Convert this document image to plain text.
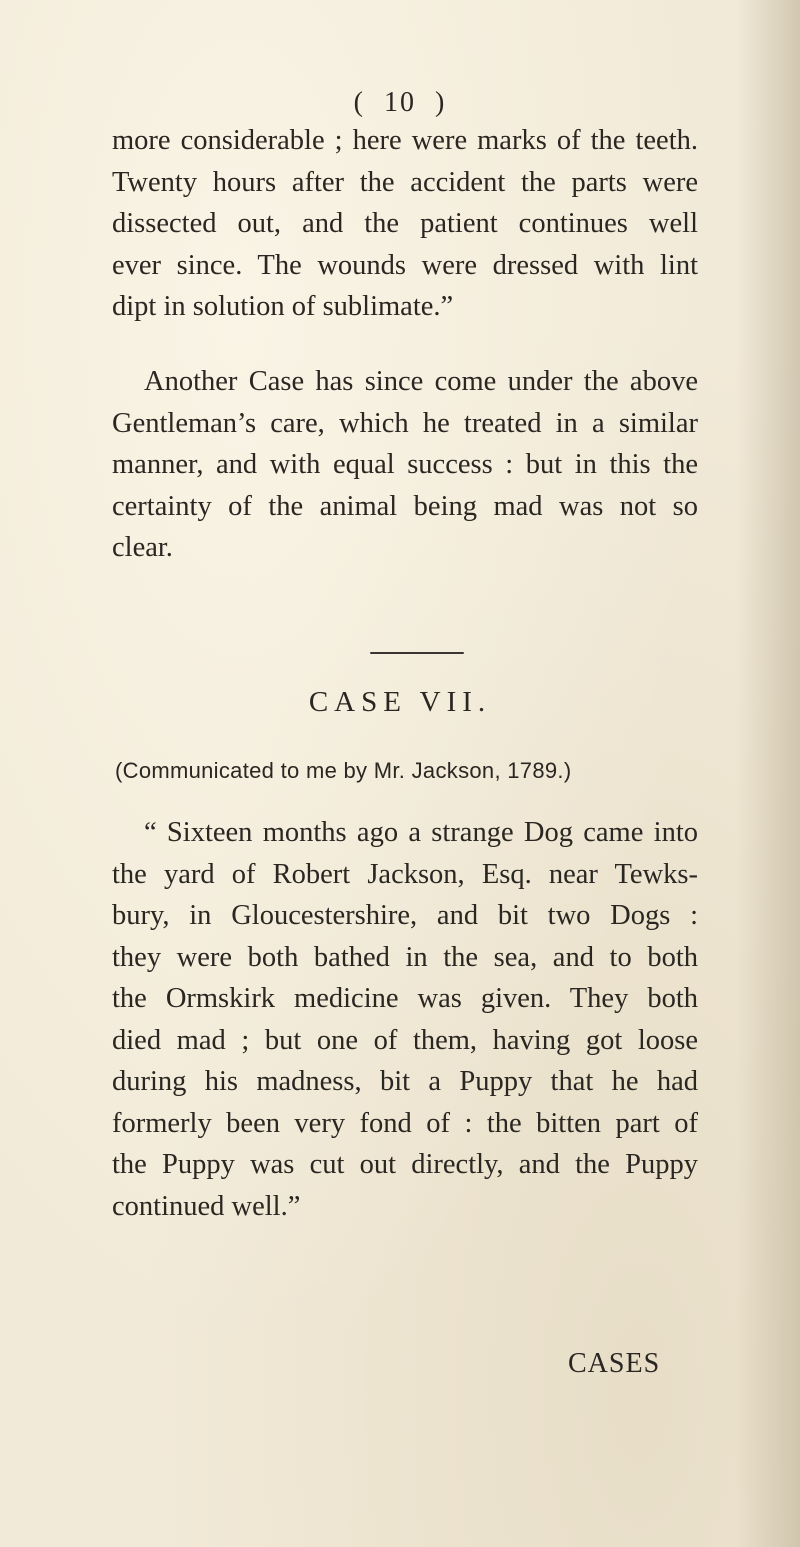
( 10 )
more considerable ; here were marks of the teeth.
Twenty hours after the accident the parts were
dissected out, and the patient continues well
ever since. The wounds were dressed with lint
dipt in solution of sublimate.”
Another Case has since come under the above
Gentleman’s care, which he treated in a similar
manner, and with equal success : but in this the
certainty of the animal being mad was not so
clear.
CASE VII.
(Communicated to me by Mr. Jackson, 1789.)
“ Sixteen months ago a strange Dog came into
the yard of Robert Jackson, Esq. near Tewks-
bury, in Gloucestershire, and bit two Dogs :
they were both bathed in the sea, and to both
the Ormskirk medicine was given. They both
died mad ; but one of them, having got loose
during his madness, bit a Puppy that he had
formerly been very fond of : the bitten part of
the Puppy was cut out directly, and the Puppy
continued well.”
CASES
